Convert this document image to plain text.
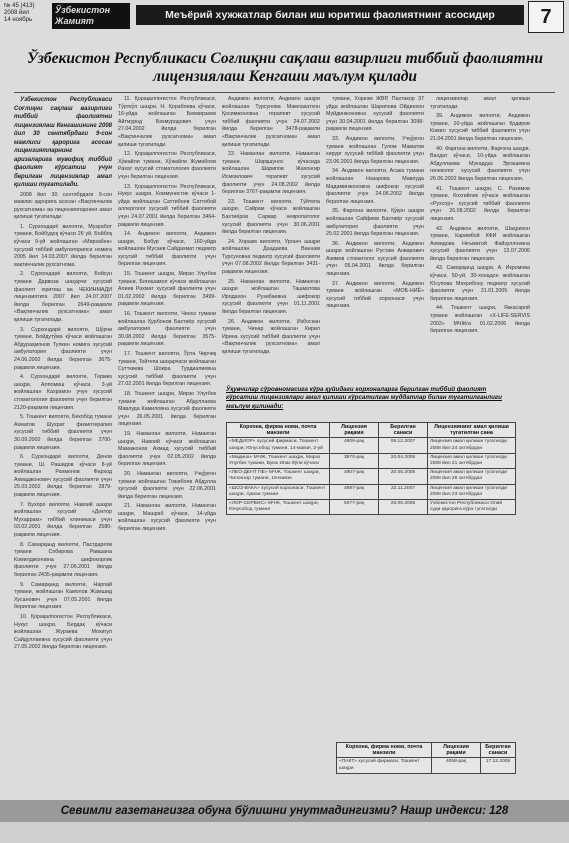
№ 45 (413)
2008 йил
14 ноябрь
Ўзбекистон Жамият	Меъёрий хужжатлар билан иш юритиш фаолиятнинг асосидир	7
Ўзбекистон Республикаси Соғлиқни сақлаш вазирлиги тиббий фаолиятни лицензиялаш Кенгаши маълум қилади

Ўзбекистон Республикаси Соғлиқни сақлаш вазирлиги тиббий фаолиятни лицензиялаш Кенгашининг 2008 йил 30 сентябрдаги 9-сон мажлиси қарорига асосан лицензиятларнинг аризаларига мувофиқ тиббий фаолият кўрсатиш учун берилган лицензиялар амал қилиши тугатилади.

2008 йил 30 сентябрдаги 9-сон мажлис қарорига асосан «Вақтинчалик рухсатнома» ва лицензияларнинг амал қилиши тугатилади:

1. Сурхондарё вилояти, Музработ тумани, Бойбудоқ кўчаси 26 уй, Бойбоқ кўчаси 9-уй жойлашган «Мирзабек» хусусий тиббий амбулаторияси номига 2005 йил 14.03.2007 йилда берилган вақтинчалик рухсатнома.

2. Сурхондарё вилояти, Бойсун тумани Дарвоза шаҳарчи хусусий фаолият юритиш ва ЧЕКИНМАДИ лицензиятига 2007 йил 24.07.2007 йилда берилган 2649-рақамли «Вақтинчалик рухсатнома» амал қилиши тугатилади.

3. Сурхондарё вилояти, Шўрчи тумани, Бойдутўма кўчаси жойлашган Абдураҳмонов Тулкин номига хусусий амбулатория фаолияти учун 24.06.2002 йилда берилган 3675-рақамли лицензия.

4. Сурхондарё вилояти, Термиз шаҳри, Алпомиш кўчаси, 3-уй жойлашган Кахрамон учун хусусий стоматология фаолияти учун берилган 2120-рақамли лицензия.

5. Тошкент вилояти, Бекобод тумани Ахматов Шухрат физиотерапия хусусий тиббий фаолияти учун 30.09.2002 йилда берилган 2700-рақамли лицензия.

6. Сурхондарё вилояти, Денов тумани, Ш. Рашидов кўчаси 8-уй жойлашган Рахмонов Фарход Ахмаджонович хусусий фаолияти учун 25.03.2002 йилда берилган 2879-рақамли лицензия.

7. Бухоро вилояти, Навоий шаҳри жойлашган хусусий «Доктор Мухаррам» тиббий клиникаси учун 03.02.2001 йилда берилган 2580-рақамли лицензия.

8. Самарқанд вилояти, Пастдарғом тумани Собирова Равшана Комилджоновна шифокорлик фаолияти учун 27.06.2001 йилда берилган 2435-рақамли лицензия.

9. Самарқанд вилояти, Нарпай тумани, жойлашган Камолов Жамшид Хусанович учун 07.05.2001 йилда берилган лицензия.

10. Қорақалпоғистон Республикаси, Нукус шаҳри, Бердақ кўчаси жойлашган Жураева Мохигул Сайдуллаевна хусусий фаолияти учун 27.05.2002 йилда берилган лицензия.

11. Қорақалпоғистон Республикаси, Тўрткўл шаҳри, Н. Қорабоева кўчаси, 16-уйда жойлашган Бекмирзаев Айтмурод Бекмуродович учун 27.04.2002 йилда берилган «Вақтинчалик рухсатнома» амал қилиши тугатилади.

12. Қорақалпоғистон Республикаси, Хўжайли тумани, Хўжайли Жумабоев Рахат хусусий стоматология фаолияти учун берилган лицензия.

13. Қорақалпоғистон Республикаси, Нукус шаҳри, Коммунистик кўчаси 1-уйда жойлашган Саттибоев Саттибой аллерголог хусусий тиббий фаолияти учун 24.07.2001 йилда берилган 3464-рақамли лицензия.

14. Андижон вилояти, Андижон шаҳри, Бобур кўчаси, 160-уйда жойлашган Мусаев Сайдахмат педиатр хусусий тиббий фаолияти учун берилган лицензия.

15. Тошкент шаҳри, Мирзо Улуғбек тумани, Боғишамол кўчаси жойлашган Алиев Рахмат хусусий фаолияти учун 01.02.2002 йилда берилган 3499-рақамли лицензия.

16. Тошкент вилояти, Чиноз тумани жойлашган Қурбонов Бахтиёр хусусий амбулатория фаолияти учун 30.08.2002 йилда берилган 3575-рақамли лицензия.

17. Тошкент вилояти, Ўрта Чирчиқ тумани, Тойтепа шаҳарчаси жойлашган Сутткиева Шоира Турдиалиевна хусусий тиббий фаолияти учун 27.02.2001 йилда берилган лицензия.

18. Тошкент шаҳри, Мирзо Улуғбек тумани жойлашган Абдуллаева Мавлуда Камиловна хусусий фаолияти учун 26.05.2001 йилда берилган лицензия.

19. Наманган вилояти, Наманган шаҳри, Навоий кўчаси жойлашган Мамажонов Ахмад хусусий тиббий фаолияти учун 02.05.2002 йилда берилган лицензия.

20. Наманган вилояти, Учқўрғон тумани жойлашган Тожибоев Абдулла хусусий фаолияти учун 22.06.2001 йилда берилган лицензия.

21. Наманган вилояти, Наманган шаҳри, Машраб кўчаси, 14-уйда жойлашган хусусий фаолияти учун берилган лицензия.

Андижон вилояти, Андижон шаҳри жойлашган Турсунова Мамлакатхон Қосимжоновна терапевт хусусий тиббий фаолияти учун 24.07.2002 йилда берилган 3478-рақамли «Вақтинчалик рухсатнома» амал қилиши тугатилади.

22. Наманган вилояти, Наманган тумани, Шарқшунос кўчасида жойлашган Шарипов Жахонгир Исмоилович терапевт хусусий фаолияти учун 24.08.2002 йилда берилган 3767-рақамли лицензия.

23. Тошкент вилояти, Тўйтепа шаҳри, Сайрам кўчаси жойлашган Бахтиёров Сарвар невропатолог хусусий фаолияти учун 30.06.2001 йилда берилган лицензия.

24. Хоразм вилояти, Урганч шаҳри жойлашган Даадаева Ваннам Турсуновна педиатр хусусий фаолияти учун 07.08.2002 йилда берилган 3431-рақамли лицензия.

25. Наманган вилояти, Наманган шаҳри жойлашган Ташматова Иродахон Рузибаевна шифокор хусусий фаолияти учун 01.11.2001 йилда берилган лицензия.

26. Андижон вилояти, Избоскан тумани, Чинар жойлашган Кирил Ирина хусусий тиббий фаолияти учун «Вақтинчалик рухсатнома» амал қилиши тугатилади.

тумани, Хорезм ЖВР, Пахтакор 37 уйда жойлашган Шарипова Ойдинхон Муйдинжоновна хусусий фаолияти учун 30.04.2001 йилда берилган 3098-рақамли лицензия.

33. Андижон вилояти, Учқўрғон тумани жойлашган Гулом Маматов хирург хусусий тиббий фаолияти учун 23.06.2001 йилда берилган лицензия.

34. Андижон вилояти, Асака тумани жойлашган Назарова Мавлуда Мадаминжоновна шифокор хусусий фаолияти учун 24.06.2002 йилда берилган лицензия.

35. Фарғона вилояти, Қўқон шаҳри жойлашган Сайфиев Бахтиёр хусусий амбулатория фаолияти учун 25.02.2001 йилда берилган лицензия.

36. Андижон вилояти, Андижон шаҳри жойлашган Рустам Анварович Азимов стоматолог хусусий фаолияти учун 05.04.2001 йилда берилган лицензия.

37. Андижон вилояти, Андижон тумани жойлашган «МОБ-НИЁ» хусусий тиббий корхонаси учун лицензия.

лицензиялар амал қилиши тугатилади.

39. Андижон вилояти, Андижон тумани, 10-уйда жойлашган Қодиров Комил хусусий тиббий фаолияти учун 21.04.2001 йилда берилган лицензия.

40. Фарғона вилояти, Фарғона шаҳри, Вахдат кўчаси, 10-уйда жойлашган Абдуллаева Мукаддас Эргашевна гинеколог хусусий фаолияти учун 26.06.2002 йилда берилган лицензия.

41. Тошкент шаҳри, С. Рахимов тумани, Кохгийлик кўчаси жойлашган «Рухсор» хусусий тиббий фаолияти учун 26.08.2002 йилда берилган лицензия.

42. Андижон вилояти, Шаҳрихон тумани, Каримбой КФИ жойлашган Ахмедова Неъматой Файзуллоевна хусусий фаолияти учун 13.07.2006 йилда берилган лицензия.

43. Самарқанд шаҳри, А. Икромова кўчаси, 50-уй, 30-хонадон жойлашган Юсупова Мехрибону педиатр хусусий фаолияти учун 31.01.2005 йилда берилган лицензия.

44. Тошкент шаҳри, Яккасарой тумани жойлашган «Х-LIFE-SERVIS 2002» МЧЖга 01.02.2006 йилда берилган лицензия.

Ўқувчилар сўровномасига кўра қуйидаги корхоналарга берилган тиббий фаолият кўрсатиш лицензиялари амал қилиши кўрсатилган муддатлар билан тугатилганлиги маълум қилинади:
Корхона, фирма номи, почта манзили	Лицензия рақами	Берилган санаси	Лицензиянинг амал қилиши тугатилган сана
«МЕДИОР» хусусий фирмаси, Тошкент шаҳри, Юнусобод тумани, 14-мавзе, 2-уй	4909-рақ	06.12.2007	Лицензия амал қилиши тугатилди 2008 йил 24 октябрдан
«Мадина» МЧЖ, Тошкент шаҳри, Мирзо Улуғбек тумани, Буюк Ипак йўли кўчаси	3970-рақ	20.04.2006	Лицензия амал қилиши тугатилди 2008 йил 21 октябрдан
«ЛЕО-ДЕНТ ПЕ» МЧЖ, Тошкент шаҳри, Чилонзор тумани, 19-мавзе	4907-рақ	20.05.2005	Лицензия амал қилиши тугатилди 2008 йил 28 октябрдан
«ШОЗ-ВАКА» хусусий корхонаси, Тошкент шаҳри, Ҳамза тумани	4987-рақ	22.11.2007	Лицензия амал қилиши тугатилди 2008 йил 23 октябрдан
«ЛОР-СЕРВИС» МЧЖ, Тошкент шаҳри, Юнусобод тумани	5077-рақ	26.09.2006	Ўзбекистон Республикаси Олий суди қарорига кўра тугатилди
Корхона, фирма номи, почта манзили	Лицензия рақами	Берилган санаси
«ПАКТ» хусусий фирмаси, Тошкент шаҳри	4058-рақ	17.12.2005
Севимли газетангизга обуна бўлишни унутмадингизми? Нашр индекси: 128
